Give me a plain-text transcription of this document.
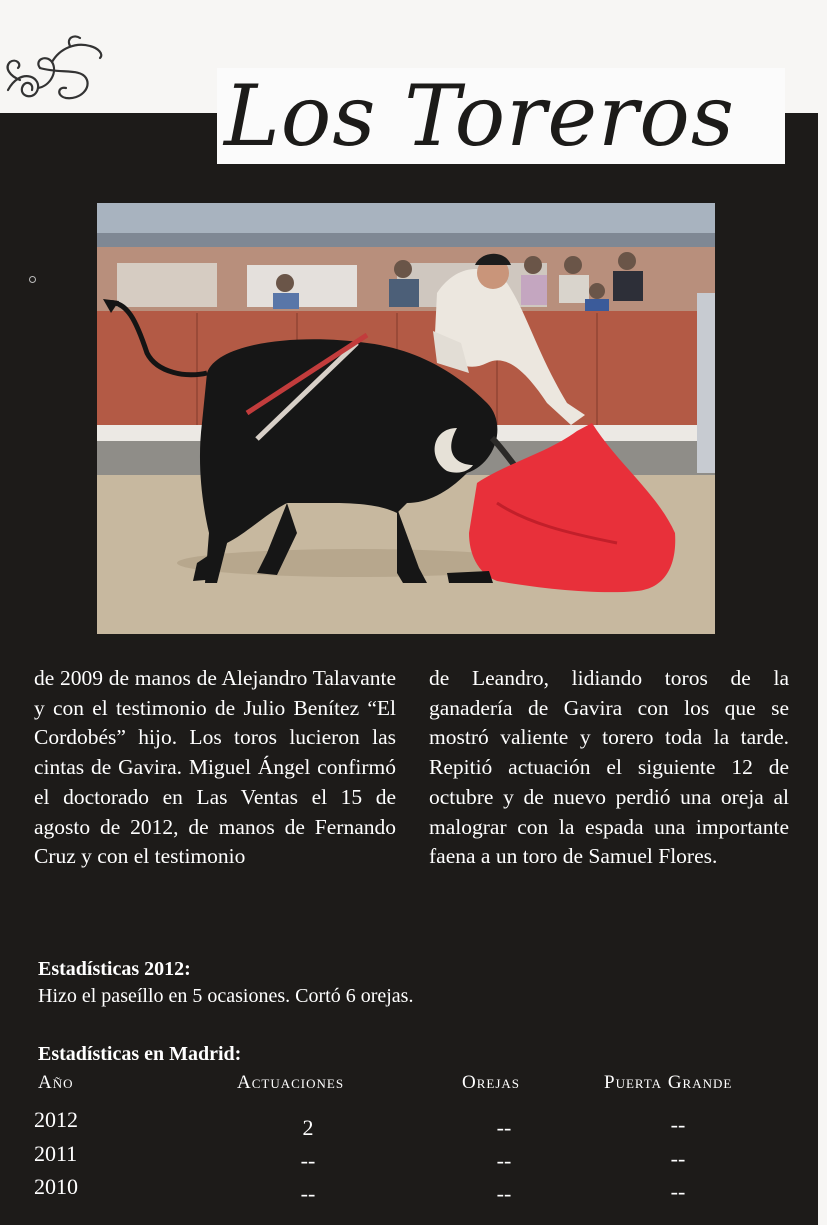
Los Toreros
de 2009 de manos de Alejandro Talavante y con el testimonio de Julio Benítez “El Cordobés” hijo. Los toros lucieron las cintas de Gavira. Miguel Ángel confirmó el doctorado en Las Ventas el 15 de agosto de 2012, de manos de Fernando Cruz y con el testimonio
de Leandro, lidiando toros de la ganadería de Gavira con los que se mostró valiente y torero toda la tarde. Repitió actuación el siguiente 12 de octubre y de nuevo perdió una oreja al malograr con la espada una importante faena a un toro de Samuel Flores.
Estadísticas 2012:
Hizo el paseíllo en 5 ocasiones. Cortó 6 orejas.
Estadísticas en Madrid:
Año	Actuaciones	Orejas	Puerta Grande
2012	2	--	--
2011	--	--	--
2010	--	--	--
